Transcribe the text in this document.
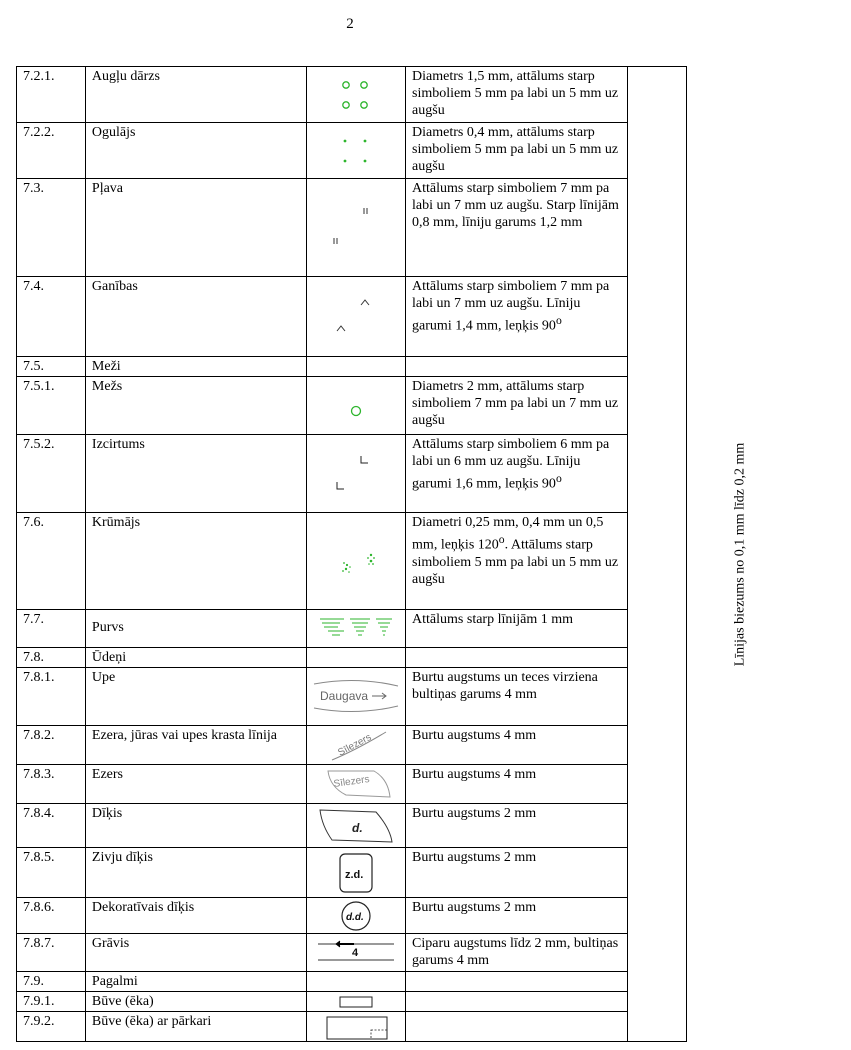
2
7.2.1.	Augļu dārzs		Diametrs 1,5 mm, attālums starp simboliem 5 mm pa labi un 5 mm uz augšu	Līnijas biezums no 0,1 mm līdz 0,2 mm
7.2.2.	Ogulājs		Diametrs 0,4 mm, attālums starp simboliem 5 mm pa labi un 5 mm uz augšu	
7.3.	Pļava		Attālums starp simboliem 7 mm pa labi un 7 mm uz augšu. Starp līnijām 0,8 mm, līniju garums 1,2 mm	
7.4.	Ganības		Attālums starp simboliem 7 mm pa labi un 7 mm uz augšu. Līniju garumi 1,4 mm, leņķis 90$^o$
7.5.	Meži			
7.5.1.	Mežs		Diametrs 2 mm, attālums starp simboliem 7 mm pa labi un 7 mm uz augšu	
7.5.2.	Izcirtums		Attālums starp simboliem 6 mm pa labi un 6 mm uz augšu. Līniju garumi 1,6 mm, leņķis 90$^o$
7.6.	Krūmājs		Diametri 0,25 mm, 0,4 mm un 0,5 mm, leņķis 120$^o$. Attālums starp simboliem 5 mm pa labi un 5 mm uz augšu	
7.7.	Purvs		Attālums starp līnijām 1 mm	
7.8.	Ūdeņi			
7.8.1.	Upe	Daugava	Burtu augstums un teces virziena bultiņas garums 4 mm	
7.8.2.	Ezera, jūras vai upes krasta līnija	Sīlezers	Burtu augstums 4 mm	
7.8.3.	Ezers	Sīlezers	Burtu augstums 4 mm	
7.8.4.	Dīķis	d.	Burtu augstums 2 mm	
7.8.5.	Zivju dīķis	z.d.	Burtu augstums 2 mm	
7.8.6.	Dekoratīvais dīķis	d.d.	Burtu augstums 2 mm	
7.8.7.	Grāvis	4	Ciparu augstums līdz 2 mm, bultiņas garums 4 mm	
7.9.	Pagalmi			
7.9.1.	Būve (ēka)	

7.9.2.	Būve (ēka) ar pārkari	
